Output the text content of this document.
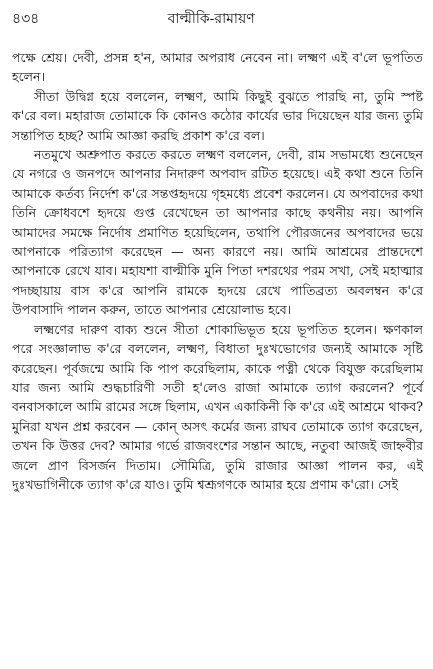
৪৩৪	বাল্মীকি-রামায়ণ

পক্ষে শ্রেয়। দেবী, প্রসন্ন হ'ন, আমার অপরাধ নেবেন না। লক্ষ্মণ এই ব'লে ভূপতিত হলেন।

সীতা উদ্বিগ্ন হয়ে বললেন, লক্ষ্মণ, আমি কিছুই বুঝতে পারছি না, তুমি স্পষ্ট ক'রে বল। মহারাজ তোমাকে কি কোনও কঠোর কার্যের ভার দিয়েছেন যার জন্য তুমি সন্তাপিত হচ্ছ? আমি আজ্ঞা করছি প্রকাশ ক'রে বল।

নতমুখে অশ্রুপাত করতে করতে লক্ষ্মণ বললেন, দেবী, রাম সভামধ্যে শুনেছেন যে নগরে ও জনপদে আপনার নিদারুণ অপবাদ রটিত হয়েছে। এই কথা শুনে তিনি আমাকে কর্তব্য নির্দেশ ক'রে সন্তপ্তহৃদয়ে গৃহমধ্যে প্রবেশ করলেন। যে অপবাদের কথা তিনি ক্রোধবশে হৃদয়ে গুপ্ত রেখেছেন তা আপনার কাছে কথনীয় নয়। আপনি আমাদের সমক্ষে নির্দোষ প্রমাণিত হয়েছিলেন, তথাপি পৌরজনের অপবাদের ভয়ে আপনাকে পরিত্যাগ করেছেন — অন্য কারণে নয়। আমি আশ্রমের প্রান্তদেশে আপনাকে রেখে যাব। মহাযশা বাল্মীকি মুনি পিতা দশরথের পরম সখা, সেই মহাত্মার পদচ্ছায়ায় বাস ক'রে আপনি রামকে হৃদয়ে রেখে পাতিব্রত্য অবলম্বন ক'রে উপবাসাদি পালন করুন, তাতে আপনার শ্রেয়োলাভ হবে।

লক্ষ্মণের দারুণ বাক্য শুনে সীতা শোকাভিভূত হয়ে ভূপতিত হলেন। ক্ষণকাল পরে সংজ্ঞালাভ ক'রে বললেন, লক্ষ্মণ, বিধাতা দুঃখভোগের জন্যই আমাকে সৃষ্টি করেছেন। পূর্বজন্মে আমি কি পাপ করেছিলাম, কাকে পত্নী থেকে বিযুক্ত করেছিলাম যার জন্য আমি শুদ্ধচারিণী সতী হ'লেও রাজা আমাকে ত্যাগ করলেন? পূর্বে বনবাসকালে আমি রামের সঙ্গে ছিলাম, এখন একাকিনী কি ক'রে এই আশ্রমে থাকব? মুনিরা যখন প্রশ্ন করবেন — কোন্ অসৎ কর্মের জন্য রাঘব তোমাকে ত্যাগ করেছেন, তখন কি উত্তর দেব? আমার গর্ভে রাজবংশের সন্তান আছে, নতুবা আজই জাহ্নবীর জলে প্রাণ বিসর্জন দিতাম। সৌমিত্রি, তুমি রাজার আজ্ঞা পালন কর, এই দুঃখভাগিনীকে ত্যাগ ক'রে যাও। তুমি শ্বশ্রূগণকে আমার হয়ে প্রণাম ক'রো। সেই
